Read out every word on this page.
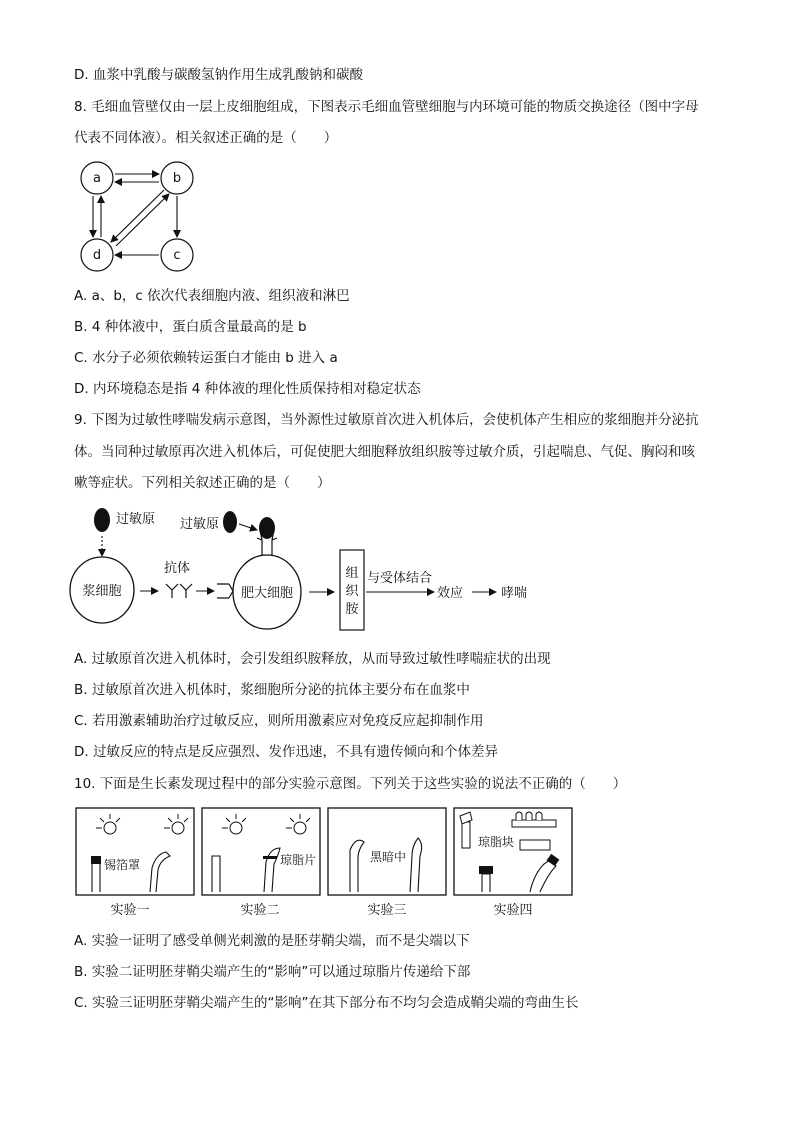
D. 血浆中乳酸与碳酸氢钠作用生成乳酸钠和碳酸
8. 毛细血管壁仅由一层上皮细胞组成，下图表示毛细血管壁细胞与内环境可能的物质交换途径（图中字母
代表不同体液）。相关叙述正确的是（　　）
a	b
c
d
A. a、b，c 依次代表细胞内液、组织液和淋巴
B. 4 种体液中，蛋白质含量最高的是 b
C. 水分子必须依赖转运蛋白才能由 b 进入 a
D. 内环境稳态是指 4 种体液的理化性质保持相对稳定状态
9. 下图为过敏性哮喘发病示意图，当外源性过敏原首次进入机体后，会使机体产生相应的浆细胞并分泌抗
体。当同种过敏原再次进入机体后，可促使肥大细胞释放组织胺等过敏介质，引起喘息、气促、胸闷和咳
嗽等症状。下列相关叙述正确的是（　　）
过敏原
浆细胞
抗体
肥大细胞
过敏原
组
织
胺
与受体结合
效应	哮喘
A. 过敏原首次进入机体时，会引发组织胺释放，从而导致过敏性哮喘症状的出现
B. 过敏原首次进入机体时，浆细胞所分泌的抗体主要分布在血浆中
C. 若用激素辅助治疗过敏反应，则所用激素应对免疫反应起抑制作用
D. 过敏反应的特点是反应强烈、发作迅速，不具有遗传倾向和个体差异
10. 下面是生长素发现过程中的部分实验示意图。下列关于这些实验的说法不正确的（　　）
锡箔罩	琼脂片	黑暗中
琼脂块
实验一	实验二	实验三	实验四
A. 实验一证明了感受单侧光刺激的是胚芽鞘尖端，而不是尖端以下
B. 实验二证明胚芽鞘尖端产生的“影响”可以通过琼脂片传递给下部
C. 实验三证明胚芽鞘尖端产生的“影响”在其下部分布不均匀会造成鞘尖端的弯曲生长
